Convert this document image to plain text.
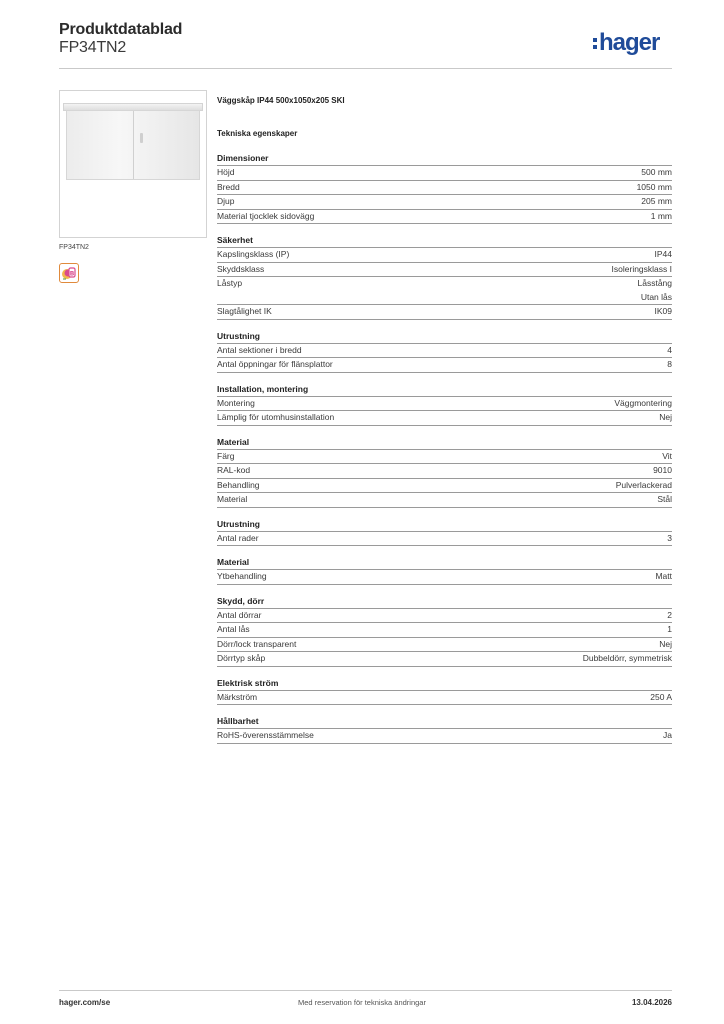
Produktdatablad
FP34TN2	hager
FP34TN2
B
Väggskåp IP44 500x1050x205 SKI
Tekniska egenskaper
Dimensioner
Höjd	500 mm
Bredd	1050 mm
Djup	205 mm
Material tjocklek sidovägg	1 mm
Säkerhet
Kapslingsklass (IP)	IP44
Skyddsklass	Isoleringsklass I
Låstyp	Låsstång
Utan lås
Slagtålighet IK	IK09
Utrustning
Antal sektioner i bredd	4
Antal öppningar för flänsplattor	8
Installation, montering
Montering	Väggmontering
Lämplig för utomhusinstallation	Nej
Material
Färg	Vit
RAL-kod	9010
Behandling	Pulverlackerad
Material	Stål
Utrustning
Antal rader	3
Material
Ytbehandling	Matt
Skydd, dörr
Antal dörrar	2
Antal lås	1
Dörr/lock transparent	Nej
Dörrtyp skåp	Dubbeldörr, symmetrisk
Elektrisk ström
Märkström	250 A
Hållbarhet
RoHS-överensstämmelse	Ja
hager.com/se	Med reservation för tekniska ändringar	13.04.2026
